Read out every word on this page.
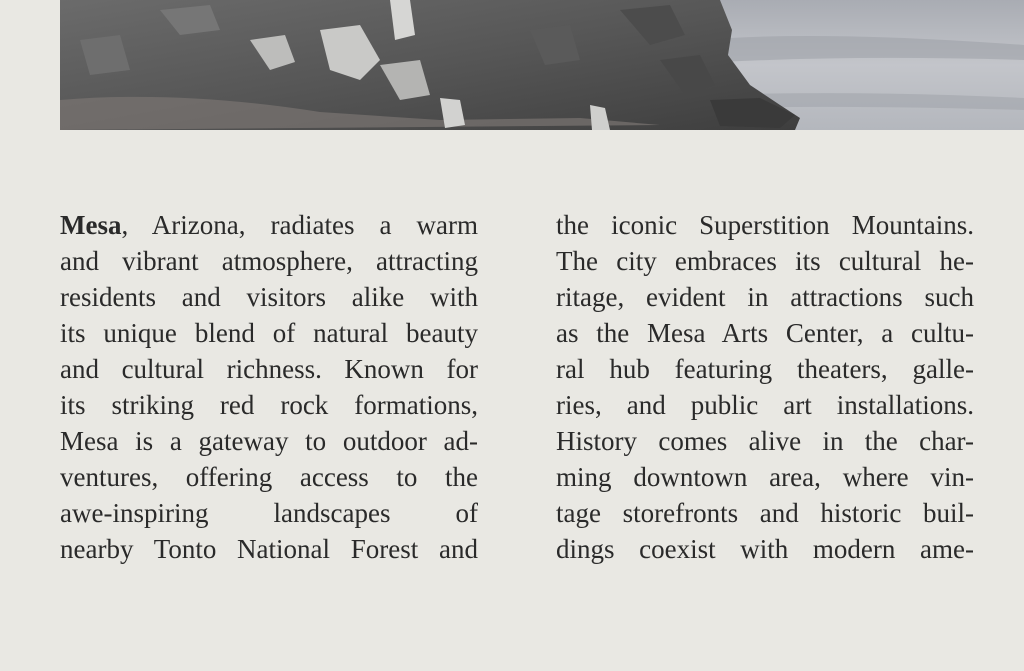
Mesa, Arizona, radiates a warm
and vibrant atmosphere, attracting
residents and visitors alike with
its unique blend of natural beauty
and cultural richness. Known for
its striking red rock formations,
Mesa is a gateway to outdoor ad-
ventures, offering access to the
awe-inspiring landscapes of
nearby Tonto National Forest and
the iconic Superstition Mountains.
The city embraces its cultural he-
ritage, evident in attractions such
as the Mesa Arts Center, a cultu-
ral hub featuring theaters, galle-
ries, and public art installations.
History comes alive in the char-
ming downtown area, where vin-
tage storefronts and historic buil-
dings coexist with modern ame-
